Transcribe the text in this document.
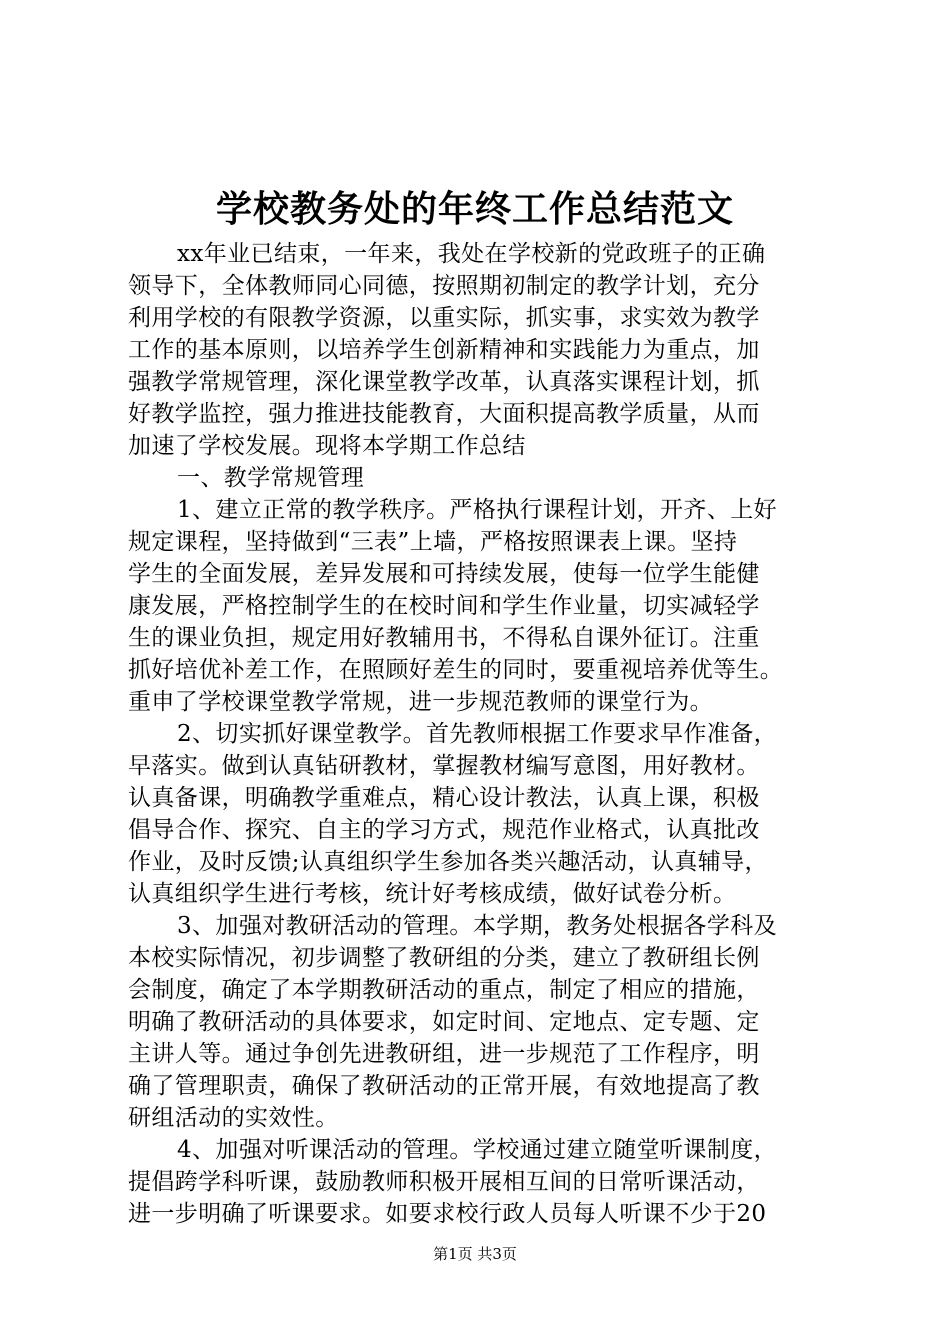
学校教务处的年终工作总结范文
xx年业已结束，一年来，我处在学校新的党政班子的正确
领导下，全体教师同心同德，按照期初制定的教学计划，充分
利用学校的有限教学资源，以重实际，抓实事，求实效为教学
工作的基本原则，以培养学生创新精神和实践能力为重点，加
强教学常规管理，深化课堂教学改革，认真落实课程计划，抓
好教学监控，强力推进技能教育，大面积提高教学质量，从而
加速了学校发展。现将本学期工作总结
一、教学常规管理
1、建立正常的教学秩序。严格执行课程计划，开齐、上好
规定课程，坚持做到“三表”上墙，严格按照课表上课。坚持
学生的全面发展，差异发展和可持续发展，使每一位学生能健
康发展，严格控制学生的在校时间和学生作业量，切实减轻学
生的课业负担，规定用好教辅用书，不得私自课外征订。注重
抓好培优补差工作，在照顾好差生的同时，要重视培养优等生。
重申了学校课堂教学常规，进一步规范教师的课堂行为。
2、切实抓好课堂教学。首先教师根据工作要求早作准备，
早落实。做到认真钻研教材，掌握教材编写意图，用好教材。
认真备课，明确教学重难点，精心设计教法，认真上课，积极
倡导合作、探究、自主的学习方式，规范作业格式，认真批改
作业，及时反馈;认真组织学生参加各类兴趣活动，认真辅导，
认真组织学生进行考核，统计好考核成绩，做好试卷分析。
3、加强对教研活动的管理。本学期，教务处根据各学科及
本校实际情况，初步调整了教研组的分类，建立了教研组长例
会制度，确定了本学期教研活动的重点，制定了相应的措施，
明确了教研活动的具体要求，如定时间、定地点、定专题、定
主讲人等。通过争创先进教研组，进一步规范了工作程序，明
确了管理职责，确保了教研活动的正常开展，有效地提高了教
研组活动的实效性。
4、加强对听课活动的管理。学校通过建立随堂听课制度，
提倡跨学科听课，鼓励教师积极开展相互间的日常听课活动，
进一步明确了听课要求。如要求校行政人员每人听课不少于20
第1页 共3页
